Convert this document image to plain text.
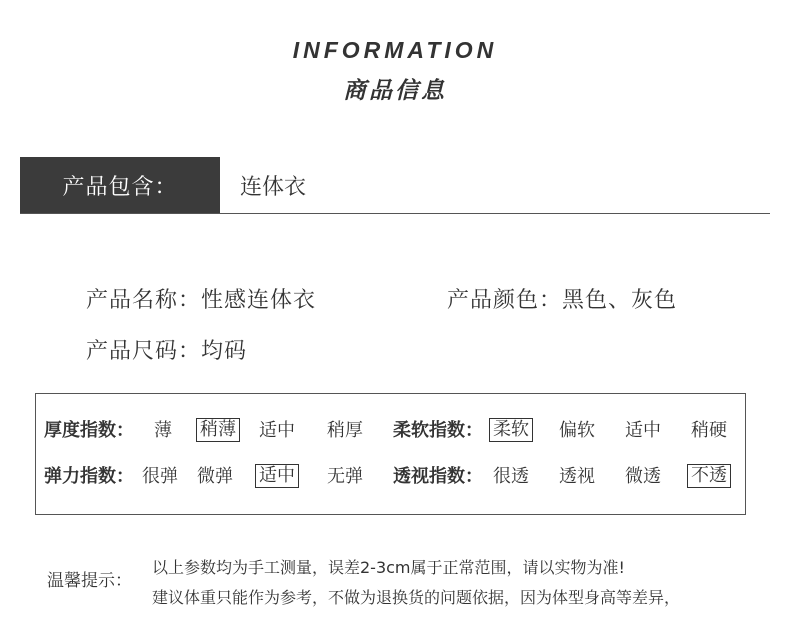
INFORMATION
商品信息
产品包含：	连体衣
产品名称：性感连体衣	产品颜色：黑色、灰色
产品尺码：均码
厚度指数： 薄 稍薄 适中 稍厚 柔软指数： 柔软 偏软 适中 稍硬
弹力指数： 很弹 微弹 适中 无弹 透视指数： 很透 透视 微透 不透
温馨提示：
以上参数均为手工测量，误差2-3cm属于正常范围，请以实物为准!
建议体重只能作为参考，不做为退换货的问题依据，因为体型身高等差异，
